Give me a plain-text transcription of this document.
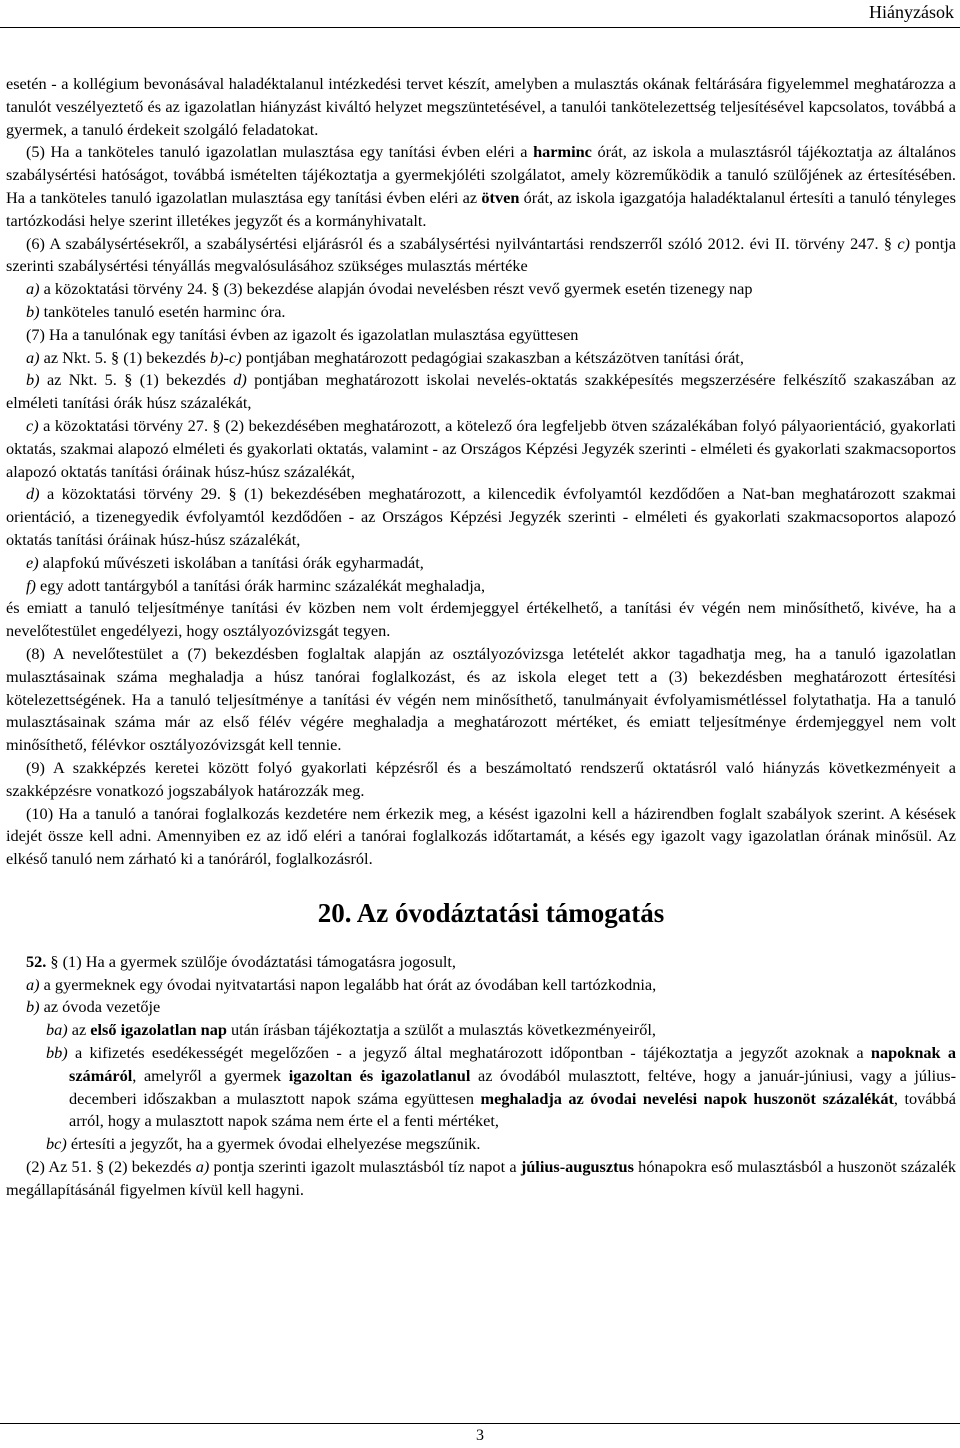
Hiányzások

esetén - a kollégium bevonásával haladéktalanul intézkedési tervet készít, amelyben a mulasztás okának feltárására figyelemmel meghatározza a tanulót veszélyeztető és az igazolatlan hiányzást kiváltó helyzet megszüntetésével, a tanulói tankötelezettség teljesítésével kapcsolatos, továbbá a gyermek, a tanuló érdekeit szolgáló feladatokat.

(5) Ha a tanköteles tanuló igazolatlan mulasztása egy tanítási évben eléri a harminc órát, az iskola a mulasztásról tájékoztatja az általános szabálysértési hatóságot, továbbá ismételten tájékoztatja a gyermekjóléti szolgálatot, amely közreműködik a tanuló szülőjének az értesítésében. Ha a tanköteles tanuló igazolatlan mulasztása egy tanítási évben eléri az ötven órát, az iskola igazgatója haladéktalanul értesíti a tanuló tényleges tartózkodási helye szerint illetékes jegyzőt és a kormányhivatalt.

(6) A szabálysértésekről, a szabálysértési eljárásról és a szabálysértési nyilvántartási rendszerről szóló 2012. évi II. törvény 247. § c) pontja szerinti szabálysértési tényállás megvalósulásához szükséges mulasztás mértéke

a) a közoktatási törvény 24. § (3) bekezdése alapján óvodai nevelésben részt vevő gyermek esetén tizenegy nap

b) tanköteles tanuló esetén harminc óra.

(7) Ha a tanulónak egy tanítási évben az igazolt és igazolatlan mulasztása együttesen

a) az Nkt. 5. § (1) bekezdés b)-c) pontjában meghatározott pedagógiai szakaszban a kétszázötven tanítási órát,

b) az Nkt. 5. § (1) bekezdés d) pontjában meghatározott iskolai nevelés-oktatás szakképesítés megszerzésére felkészítő szakaszában az elméleti tanítási órák húsz százalékát,

c) a közoktatási törvény 27. § (2) bekezdésében meghatározott, a kötelező óra legfeljebb ötven százalékában folyó pályaorientáció, gyakorlati oktatás, szakmai alapozó elméleti és gyakorlati oktatás, valamint - az Országos Képzési Jegyzék szerinti - elméleti és gyakorlati szakmacsoportos alapozó oktatás tanítási óráinak húsz-húsz százalékát,

d) a közoktatási törvény 29. § (1) bekezdésében meghatározott, a kilencedik évfolyamtól kezdődően a Nat-ban meghatározott szakmai orientáció, a tizenegyedik évfolyamtól kezdődően - az Országos Képzési Jegyzék szerinti - elméleti és gyakorlati szakmacsoportos alapozó oktatás tanítási óráinak húsz-húsz százalékát,

e) alapfokú művészeti iskolában a tanítási órák egyharmadát,

f) egy adott tantárgyból a tanítási órák harminc százalékát meghaladja,

és emiatt a tanuló teljesítménye tanítási év közben nem volt érdemjeggyel értékelhető, a tanítási év végén nem minősíthető, kivéve, ha a nevelőtestület engedélyezi, hogy osztályozóvizsgát tegyen.

(8) A nevelőtestület a (7) bekezdésben foglaltak alapján az osztályozóvizsga letételét akkor tagadhatja meg, ha a tanuló igazolatlan mulasztásainak száma meghaladja a húsz tanórai foglalkozást, és az iskola eleget tett a (3) bekezdésben meghatározott értesítési kötelezettségének. Ha a tanuló teljesítménye a tanítási év végén nem minősíthető, tanulmányait évfolyamismétléssel folytathatja. Ha a tanuló mulasztásainak száma már az első félév végére meghaladja a meghatározott mértéket, és emiatt teljesítménye érdemjeggyel nem volt minősíthető, félévkor osztályozóvizsgát kell tennie.

(9) A szakképzés keretei között folyó gyakorlati képzésről és a beszámoltató rendszerű oktatásról való hiányzás következményeit a szakképzésre vonatkozó jogszabályok határozzák meg.

(10) Ha a tanuló a tanórai foglalkozás kezdetére nem érkezik meg, a késést igazolni kell a házirendben foglalt szabályok szerint. A késések idejét össze kell adni. Amennyiben ez az idő eléri a tanórai foglalkozás időtartamát, a késés egy igazolt vagy igazolatlan órának minősül. Az elkéső tanuló nem zárható ki a tanóráról, foglalkozásról.

20. Az óvodáztatási támogatás

52. § (1) Ha a gyermek szülője óvodáztatási támogatásra jogosult,

a) a gyermeknek egy óvodai nyitvatartási napon legalább hat órát az óvodában kell tartózkodnia,

b) az óvoda vezetője

ba) az első igazolatlan nap után írásban tájékoztatja a szülőt a mulasztás következményeiről,

bb) a kifizetés esedékességét megelőzően - a jegyző által meghatározott időpontban - tájékoztatja a jegyzőt azoknak a napoknak a számáról, amelyről a gyermek igazoltan és igazolatlanul az óvodából mulasztott, feltéve, hogy a január-júniusi, vagy a július-decemberi időszakban a mulasztott napok száma együttesen meghaladja az óvodai nevelési napok huszonöt százalékát, továbbá arról, hogy a mulasztott napok száma nem érte el a fenti mértéket,

bc) értesíti a jegyzőt, ha a gyermek óvodai elhelyezése megszűnik.

(2) Az 51. § (2) bekezdés a) pontja szerinti igazolt mulasztásból tíz napot a július-augusztus hónapokra eső mulasztásból a huszonöt százalék megállapításánál figyelmen kívül kell hagyni.

3
